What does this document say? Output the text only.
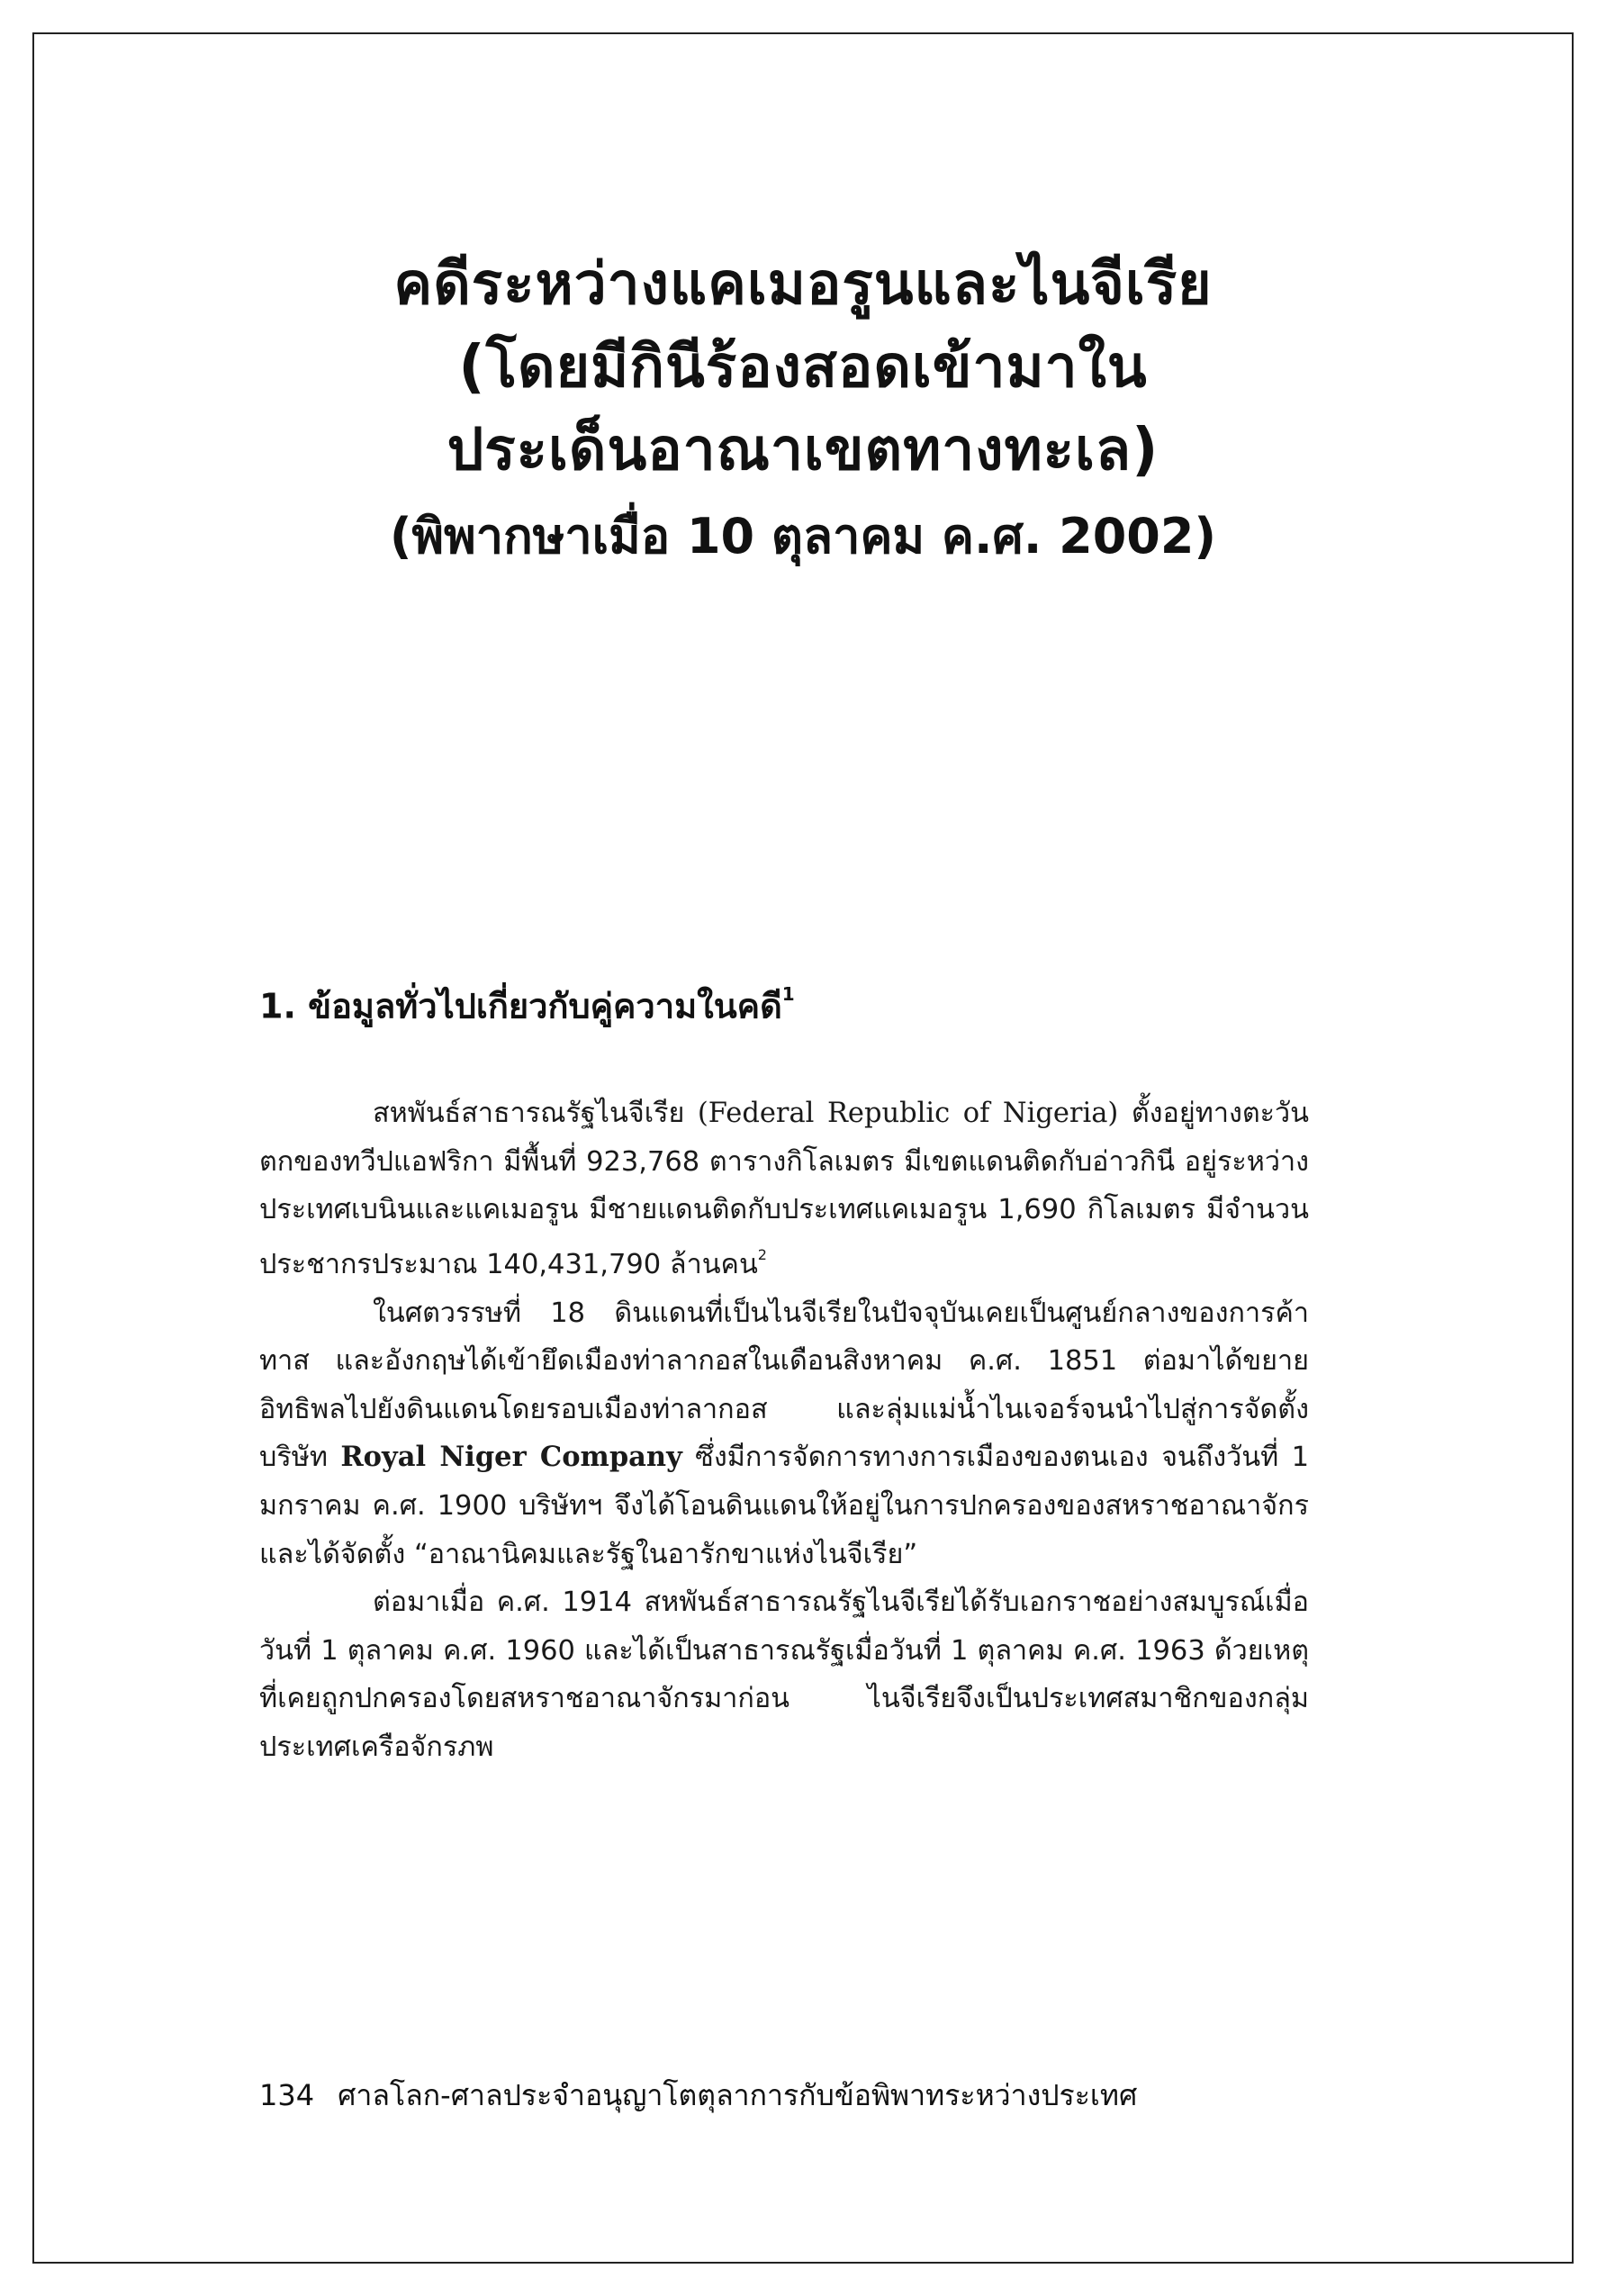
คดีระหว่างแคเมอรูนและไนจีเรีย
(โดยมีกินีร้องสอดเข้ามาใน
ประเด็นอาณาเขตทางทะเล)
(พิพากษาเมื่อ 10 ตุลาคม ค.ศ. 2002)
1. ข้อมูลทั่วไปเกี่ยวกับคู่ความในคดี$^1$

สหพันธ์สาธารณรัฐไนจีเรีย (Federal Republic of Nigeria) ตั้งอยู่ทางตะวันตกของทวีปแอฟริกา มีพื้นที่ 923,768 ตารางกิโลเมตร มีเขตแดนติดกับอ่าวกินี อยู่ระหว่างประเทศเบนินและแคเมอรูน มีชายแดนติดกับประเทศแคเมอรูน 1,690 กิโลเมตร มีจำนวนประชากรประมาณ 140,431,790 ล้านคน$^2$

ในศตวรรษที่ 18 ดินแดนที่เป็นไนจีเรียในปัจจุบันเคยเป็นศูนย์กลางของการค้าทาส และอังกฤษได้เข้ายึดเมืองท่าลากอสในเดือนสิงหาคม ค.ศ. 1851 ต่อมาได้ขยายอิทธิพลไปยังดินแดนโดยรอบเมืองท่าลากอส และลุ่มแม่น้ำไนเจอร์จนนำไปสู่การจัดตั้งบริษัท Royal Niger Company ซึ่งมีการจัดการทางการเมืองของตนเอง จนถึงวันที่ 1 มกราคม ค.ศ. 1900 บริษัทฯ จึงได้โอนดินแดนให้อยู่ในการปกครองของสหราชอาณาจักรและได้จัดตั้ง “อาณานิคมและรัฐในอารักขาแห่งไนจีเรีย”

ต่อมาเมื่อ ค.ศ. 1914 สหพันธ์สาธารณรัฐไนจีเรียได้รับเอกราชอย่างสมบูรณ์เมื่อวันที่ 1 ตุลาคม ค.ศ. 1960 และได้เป็นสาธารณรัฐเมื่อวันที่ 1 ตุลาคม ค.ศ. 1963 ด้วยเหตุที่เคยถูกปกครองโดยสหราชอาณาจักรมาก่อน ไนจีเรียจึงเป็นประเทศสมาชิกของกลุ่มประเทศเครือจักรภพ

134 ศาลโลก-ศาลประจำอนุญาโตตุลาการกับข้อพิพาทระหว่างประเทศ
